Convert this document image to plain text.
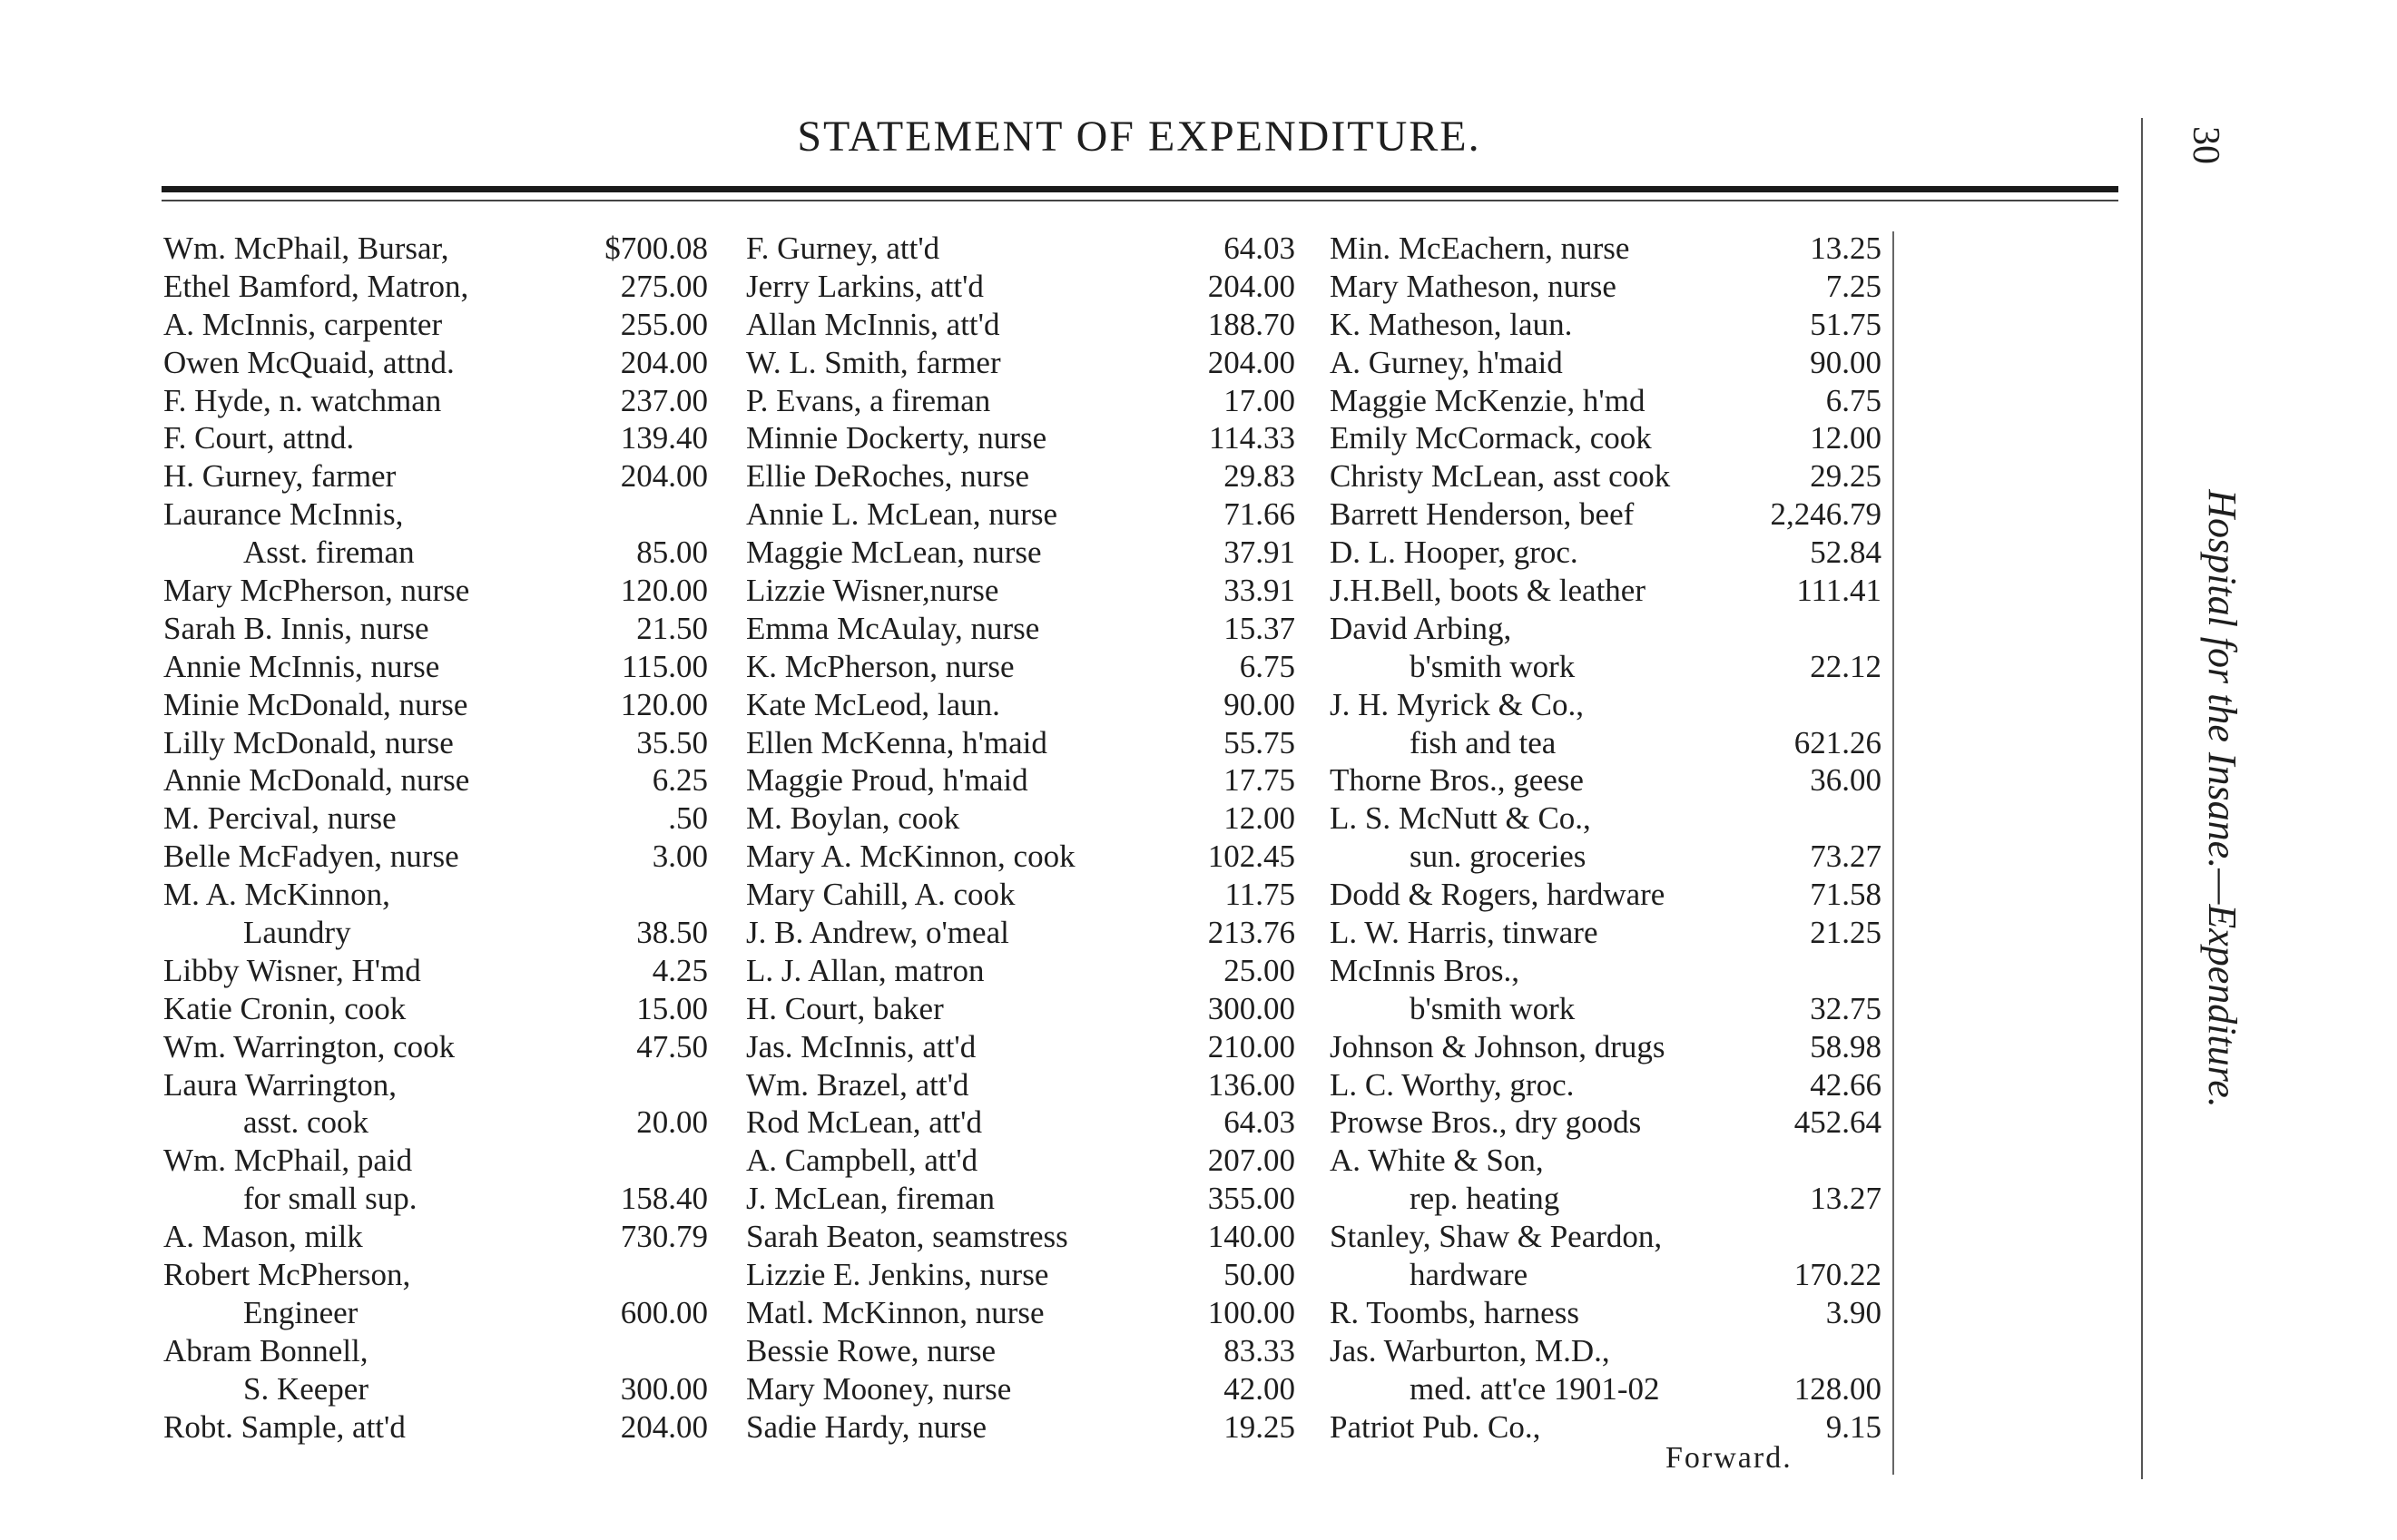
STATEMENT OF EXPENDITURE.	30
Hospital for the Insane.—Expenditure.
Wm. McPhail, Bursar,	$700.08
Ethel Bamford, Matron,	275.00
A. McInnis, carpenter	255.00
Owen McQuaid, attnd.	204.00
F. Hyde, n. watchman	237.00
F. Court, attnd.	139.40
H. Gurney, farmer	204.00
Laurance McInnis,
Asst. fireman	85.00
Mary McPherson, nurse	120.00
Sarah B. Innis, nurse	21.50
Annie McInnis, nurse	115.00
Minie McDonald, nurse	120.00
Lilly McDonald, nurse	35.50
Annie McDonald, nurse	6.25
M. Percival, nurse	.50
Belle McFadyen, nurse	3.00
M. A. McKinnon,
Laundry	38.50
Libby Wisner, H'md	4.25
Katie Cronin, cook	15.00
Wm. Warrington, cook	47.50
Laura Warrington,
asst. cook	20.00
Wm. McPhail, paid
for small sup.	158.40
A. Mason, milk	730.79
Robert McPherson,
Engineer	600.00
Abram Bonnell,
S. Keeper	300.00
Robt. Sample, att'd	204.00
F. Gurney, att'd	64.03
Jerry Larkins, att'd	204.00
Allan McInnis, att'd	188.70
W. L. Smith, farmer	204.00
P. Evans, a fireman	17.00
Minnie Dockerty, nurse	114.33
Ellie DeRoches, nurse	29.83
Annie L. McLean, nurse	71.66
Maggie McLean, nurse	37.91
Lizzie Wisner,nurse	33.91
Emma McAulay, nurse	15.37
K. McPherson, nurse	6.75
Kate McLeod, laun.	90.00
Ellen McKenna, h'maid	55.75
Maggie Proud, h'maid	17.75
M. Boylan, cook	12.00
Mary A. McKinnon, cook	102.45
Mary Cahill, A. cook	11.75
J. B. Andrew, o'meal	213.76
L. J. Allan, matron	25.00
H. Court, baker	300.00
Jas. McInnis, att'd	210.00
Wm. Brazel, att'd	136.00
Rod McLean, att'd	64.03
A. Campbell, att'd	207.00
J. McLean, fireman	355.00
Sarah Beaton, seamstress	140.00
Lizzie E. Jenkins, nurse	50.00
Matl. McKinnon, nurse	100.00
Bessie Rowe, nurse	83.33
Mary Mooney, nurse	42.00
Sadie Hardy, nurse	19.25
Min. McEachern, nurse	13.25
Mary Matheson, nurse	7.25
K. Matheson, laun.	51.75
A. Gurney, h'maid	90.00
Maggie McKenzie, h'md	6.75
Emily McCormack, cook	12.00
Christy McLean, asst cook	29.25
Barrett Henderson, beef	2,246.79
D. L. Hooper, groc.	52.84
J.H.Bell, boots & leather	111.41
David Arbing,
b'smith work	22.12
J. H. Myrick & Co.,
fish and tea	621.26
Thorne Bros., geese	36.00
L. S. McNutt & Co.,
sun. groceries	73.27
Dodd & Rogers, hardware	71.58
L. W. Harris, tinware	21.25
McInnis Bros.,
b'smith work	32.75
Johnson & Johnson, drugs	58.98
L. C. Worthy, groc.	42.66
Prowse Bros., dry goods	452.64
A. White & Son,
rep. heating	13.27
Stanley, Shaw & Peardon,
hardware	170.22
R. Toombs, harness	3.90
Jas. Warburton, M.D.,
med. att'ce 1901-02	128.00
Patriot Pub. Co.,	9.15
Forward.
